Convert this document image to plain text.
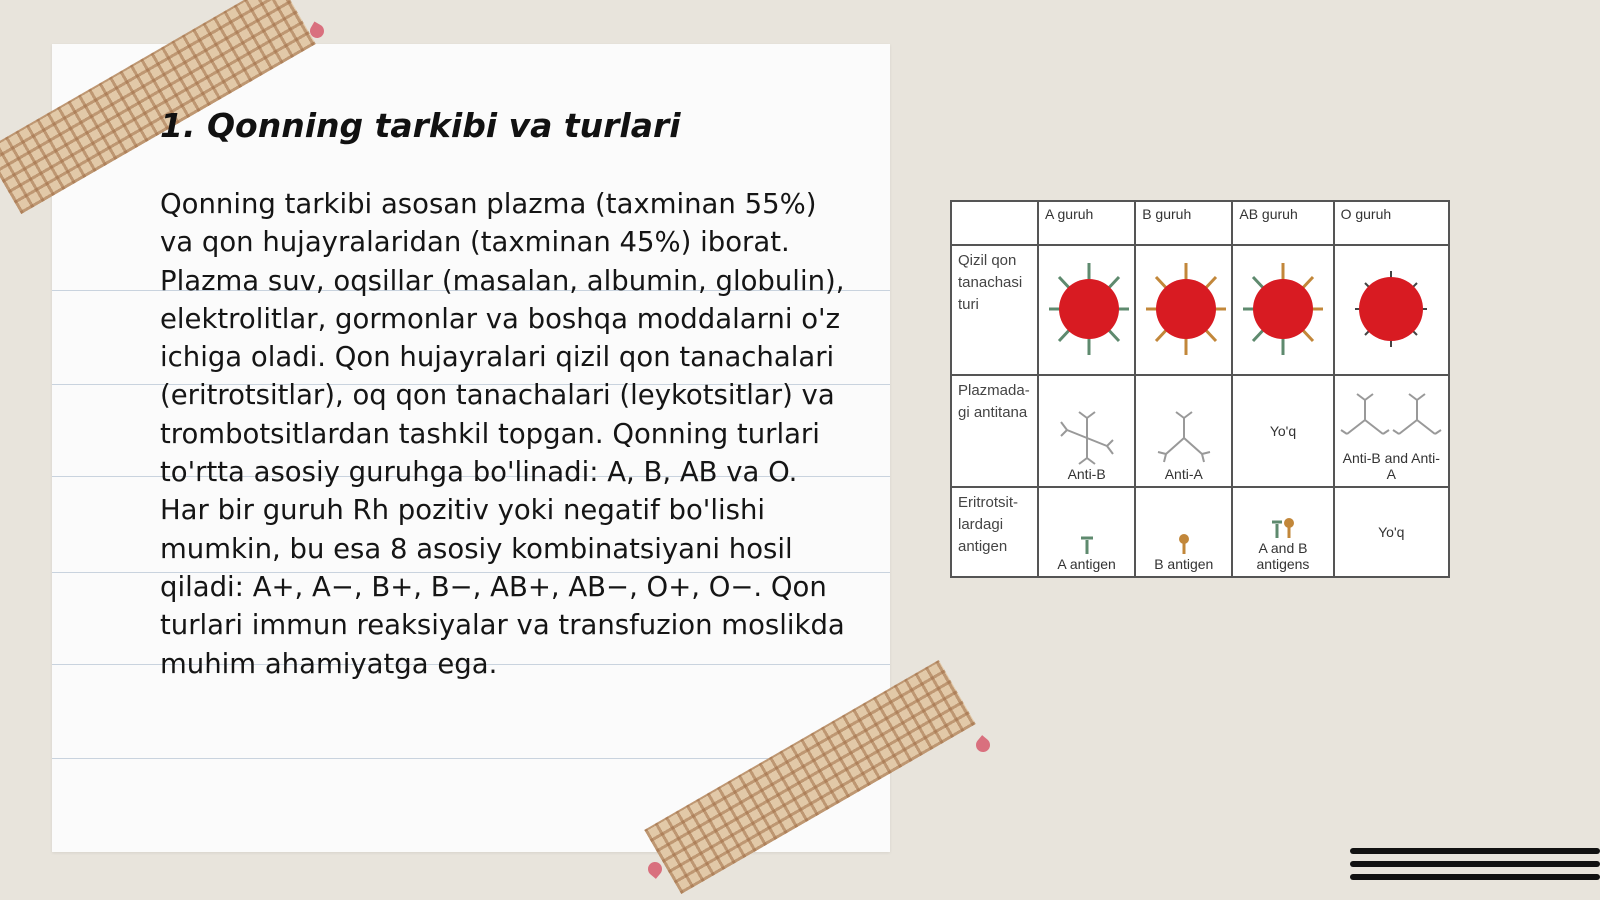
1. Qonning tarkibi va turlari

Qonning tarkibi asosan plazma (taxminan 55%) va qon hujayralaridan (taxminan 45%) iborat. Plazma suv, oqsillar (masalan, albumin, globulin), elektrolitlar, gormonlar va boshqa moddalarni o'z ichiga oladi. Qon hujayralari qizil qon tanachalari (eritrotsitlar), oq qon tanachalari (leykotsitlar) va trombotsitlardan tashkil topgan. Qonning turlari to'rtta asosiy guruhga bo'linadi: A, B, AB va O. Har bir guruh Rh pozitiv yoki negatif bo'lishi mumkin, bu esa 8 asosiy kombinatsiyani hosil qiladi: A+, A−, B+, B−, AB+, AB−, O+, O−. Qon turlari immun reaksiyalar va transfuzion moslikda muhim ahamiyatga ega.

	A guruh	B guruh	AB guruh	O guruh
Qizil qon tanachasi turi				
Plazmada-gi antitana	Anti-B	Anti-A	Yo'q	Anti-B and Anti-A

Eritrotsit-lardagi antigen	A antigen	B antigen	A and B antigens	Yo'q
